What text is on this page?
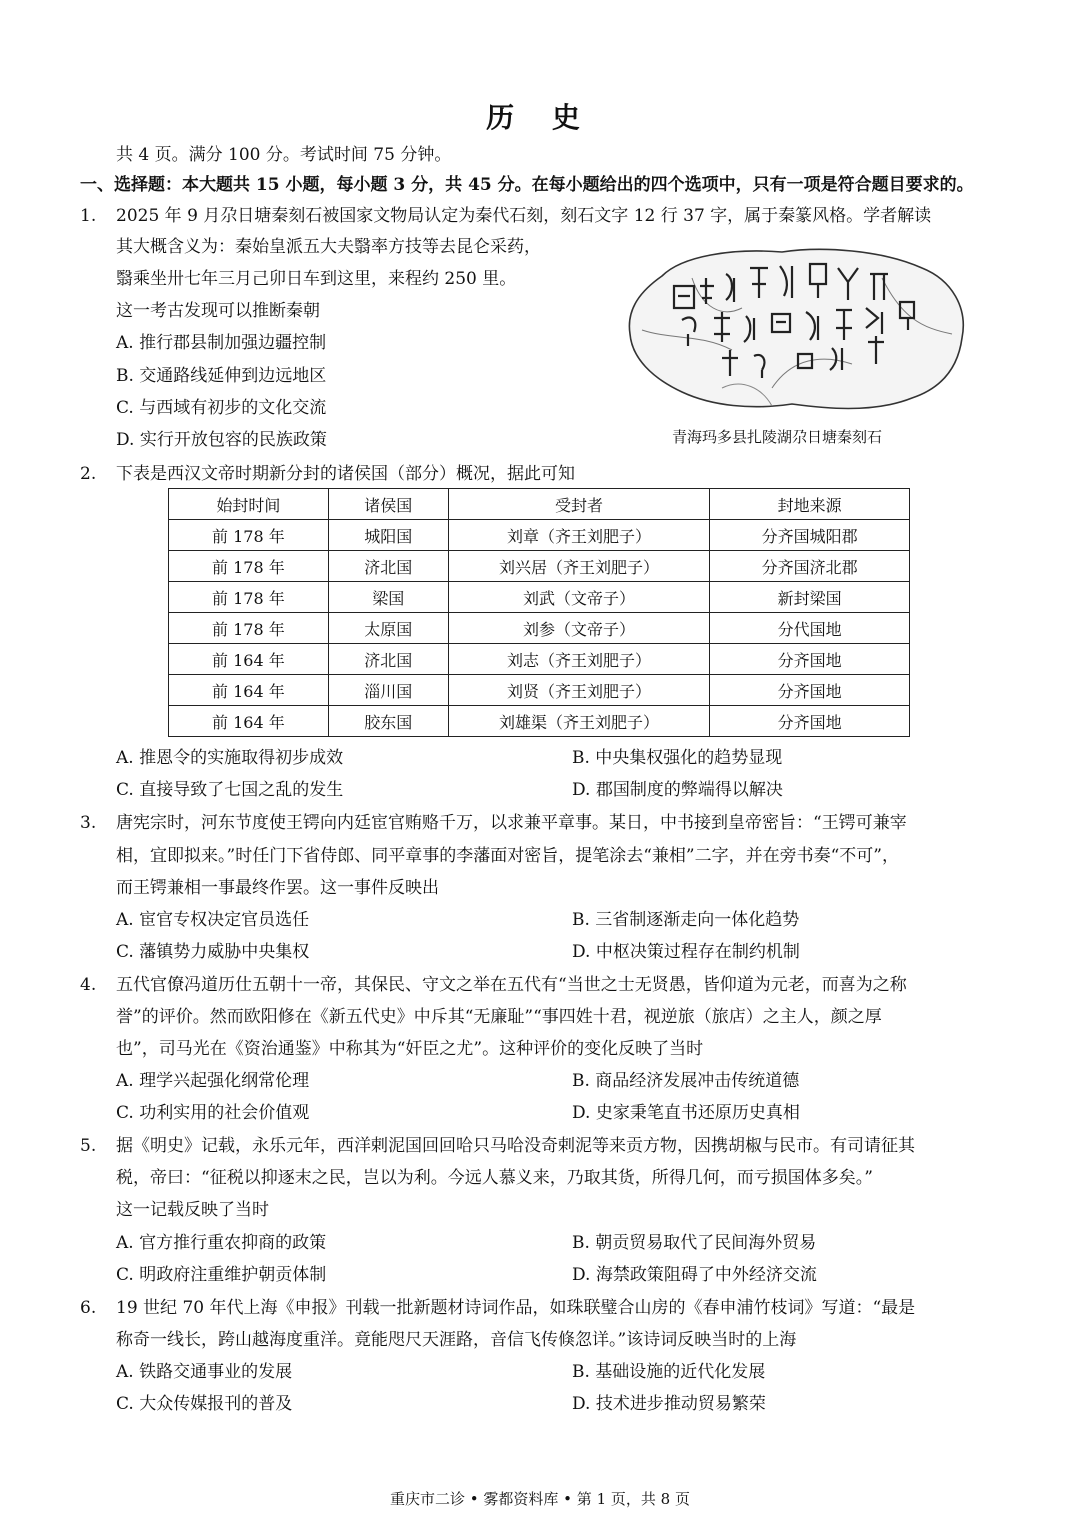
历 史
共 4 页。满分 100 分。考试时间 75 分钟。
一、选择题：本大题共 15 小题，每小题 3 分，共 45 分。在每小题给出的四个选项中，只有一项是符合题目要求的。
1.	2025 年 9 月尕日塘秦刻石被国家文物局认定为秦代石刻，刻石文字 12 行 37 字，属于秦篆风格。学者解读
其大概含义为：秦始皇派五大夫翳率方技等去昆仑采药，
翳乘坐卅七年三月己卯日车到这里，来程约 250 里。
这一考古发现可以推断秦朝
A. 推行郡县制加强边疆控制
B. 交通路线延伸到边远地区
C. 与西域有初步的文化交流
D. 实行开放包容的民族政策	青海玛多县扎陵湖尕日塘秦刻石
2.	下表是西汉文帝时期新分封的诸侯国（部分）概况，据此可知
始封时间	诸侯国	受封者	封地来源
前 178 年	城阳国	刘章（齐王刘肥子）	分齐国城阳郡
前 178 年	济北国	刘兴居（齐王刘肥子）	分齐国济北郡
前 178 年	梁国	刘武（文帝子）	新封梁国
前 178 年	太原国	刘参（文帝子）	分代国地
前 164 年	济北国	刘志（齐王刘肥子）	分齐国地
前 164 年	淄川国	刘贤（齐王刘肥子）	分齐国地
前 164 年	胶东国	刘雄渠（齐王刘肥子）	分齐国地
A. 推恩令的实施取得初步成效	B. 中央集权强化的趋势显现
C. 直接导致了七国之乱的发生	D. 郡国制度的弊端得以解决
3.	唐宪宗时，河东节度使王锷向内廷宦官贿赂千万，以求兼平章事。某日，中书接到皇帝密旨：“王锷可兼宰
相，宜即拟来。”时任门下省侍郎、同平章事的李藩面对密旨，提笔涂去“兼相”二字，并在旁书奏“不可”，
而王锷兼相一事最终作罢。这一事件反映出
A. 宦官专权决定官员选任	B. 三省制逐渐走向一体化趋势
C. 藩镇势力威胁中央集权	D. 中枢决策过程存在制约机制
4.	五代官僚冯道历仕五朝十一帝，其保民、守文之举在五代有“当世之士无贤愚，皆仰道为元老，而喜为之称
誉”的评价。然而欧阳修在《新五代史》中斥其“无廉耻”“事四姓十君，视逆旅（旅店）之主人，颜之厚
也”，司马光在《资治通鉴》中称其为“奸臣之尤”。这种评价的变化反映了当时
A. 理学兴起强化纲常伦理	B. 商品经济发展冲击传统道德
C. 功利实用的社会价值观	D. 史家秉笔直书还原历史真相
5.	据《明史》记载，永乐元年，西洋剌泥国回回哈只马哈没奇剌泥等来贡方物，因携胡椒与民市。有司请征其
税，帝曰：“征税以抑逐末之民，岂以为利。今远人慕义来，乃取其货，所得几何，而亏损国体多矣。”
这一记载反映了当时
A. 官方推行重农抑商的政策	B. 朝贡贸易取代了民间海外贸易
C. 明政府注重维护朝贡体制	D. 海禁政策阻碍了中外经济交流
6.	19 世纪 70 年代上海《申报》刊载一批新题材诗词作品，如珠联璧合山房的《春申浦竹枝词》写道：“最是
称奇一线长，跨山越海度重洋。竟能咫尺天涯路，音信飞传倏忽详。”该诗词反映当时的上海
A. 铁路交通事业的发展	B. 基础设施的近代化发展
C. 大众传媒报刊的普及	D. 技术进步推动贸易繁荣
重庆市二诊 • 雾都资料库 • 第 1 页，共 8 页
